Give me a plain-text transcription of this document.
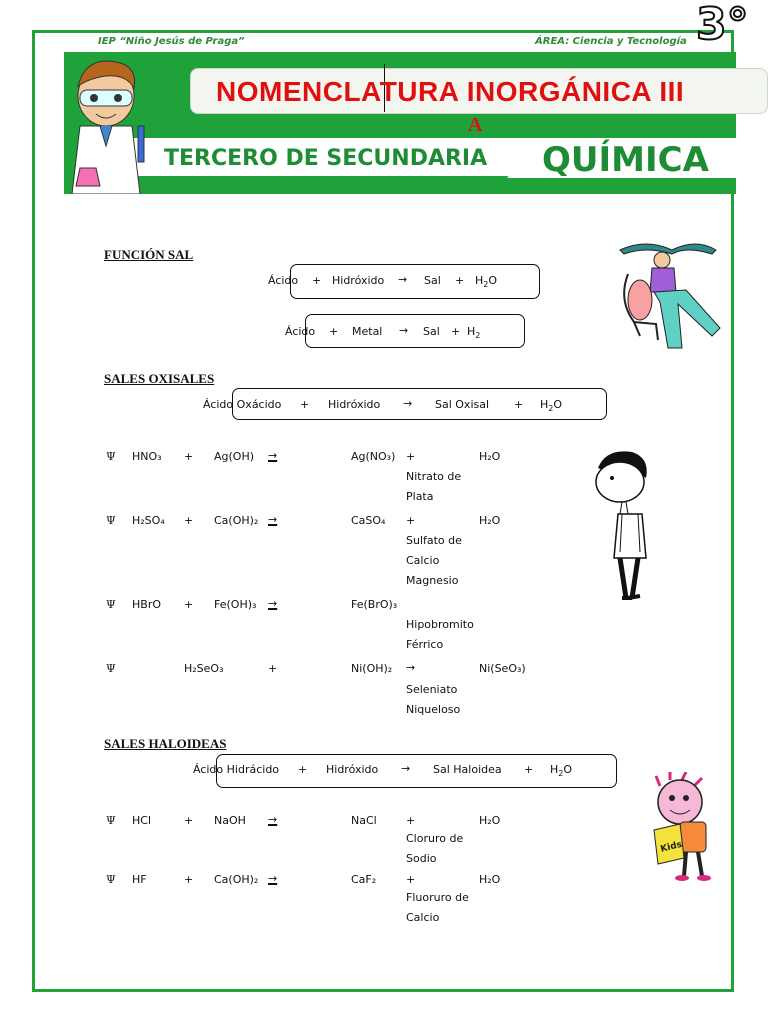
IEP “Niño Jesús de Praga”	ÁREA: Ciencia y Tecnología 3°
TERCERO DE SECUNDARIA QUÍMICA
NOMENCLATURA INORGÁNICA III
A
FUNCIÓN SAL
Ácido + Hidróxido → Sal + $H_2O$
Ácido + Metal → Sal + $H_2$
SALES OXISALES
Ácido Oxácido + Hidróxido → Sal Oxisal + $H_2O$
Ψ HNO₃ + Ag(OH) →	Ag(NO₃) +	H₂O
Nitrato de
Plata
Ψ H₂SO₄ + Ca(OH)₂ →	CaSO₄ +	H₂O
Sulfato de
Calcio
Magnesio
Ψ HBrO + Fe(OH)₃ →	Fe(BrO)₃
Hipobromito
Férrico
Ψ	H₂SeO₃	+	Ni(OH)₂ →	Ni(SeO₃)
Seleniato
Niqueloso
SALES HALOIDEAS
Ácido Hidrácido + Hidróxido → Sal Haloidea + $H_2O$
Ψ HCl	+ NaOH →	NaCl	+	H₂O
Cloruro de
Sodio
Ψ HF	+ Ca(OH)₂ →	CaF₂	+	H₂O
Fluoruro de
Calcio
Kids
